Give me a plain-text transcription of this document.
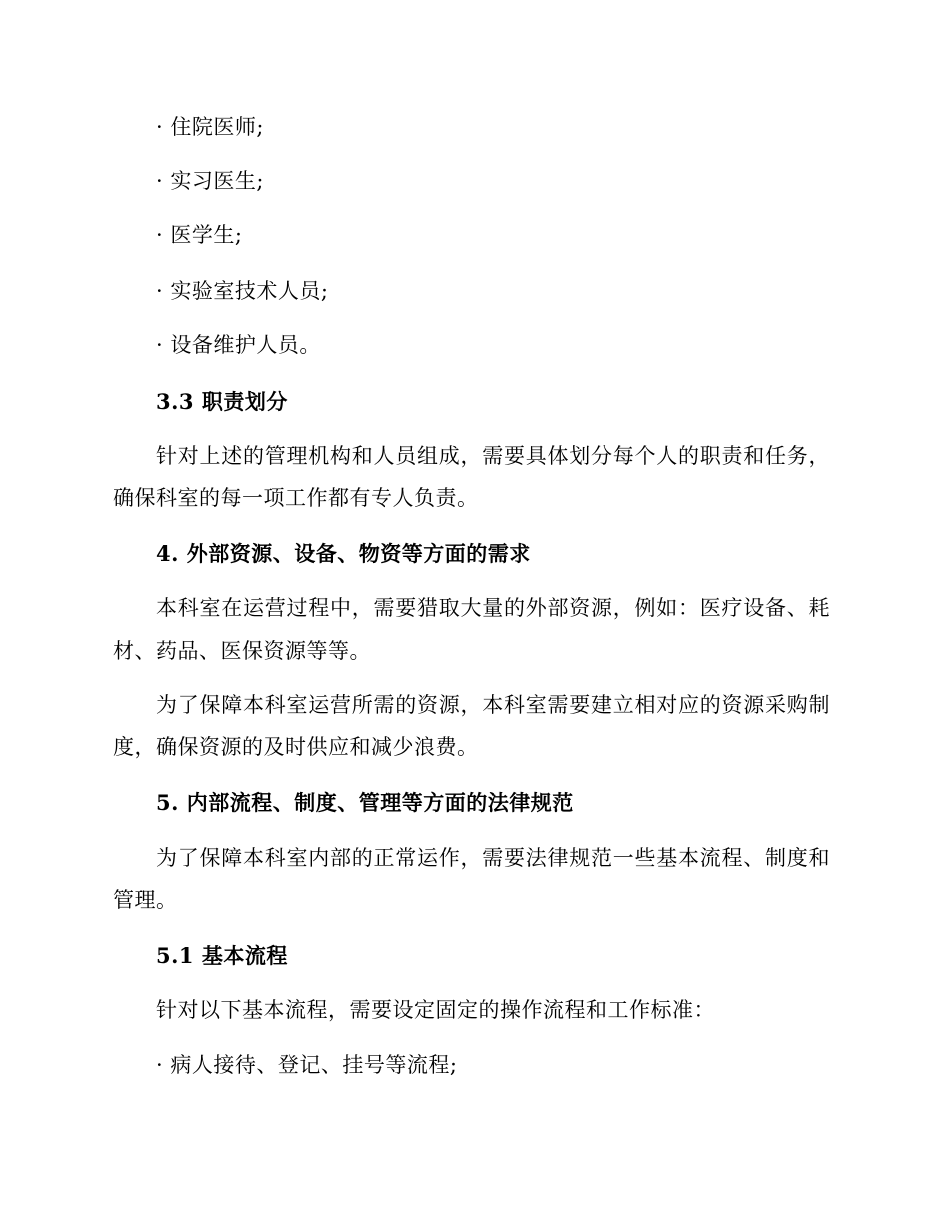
· 住院医师;
· 实习医生;
· 医学生;
· 实验室技术人员;
· 设备维护人员。
3.3 职责划分
针对上述的管理机构和人员组成，需要具体划分每个人的职责和任务，
确保科室的每一项工作都有专人负责。
4. 外部资源、设备、物资等方面的需求
本科室在运营过程中，需要猎取大量的外部资源，例如：医疗设备、耗
材、药品、医保资源等等。
为了保障本科室运营所需的资源，本科室需要建立相对应的资源采购制
度，确保资源的及时供应和减少浪费。
5. 内部流程、制度、管理等方面的法律规范
为了保障本科室内部的正常运作，需要法律规范一些基本流程、制度和
管理。
5.1 基本流程
针对以下基本流程，需要设定固定的操作流程和工作标准：
· 病人接待、登记、挂号等流程;
